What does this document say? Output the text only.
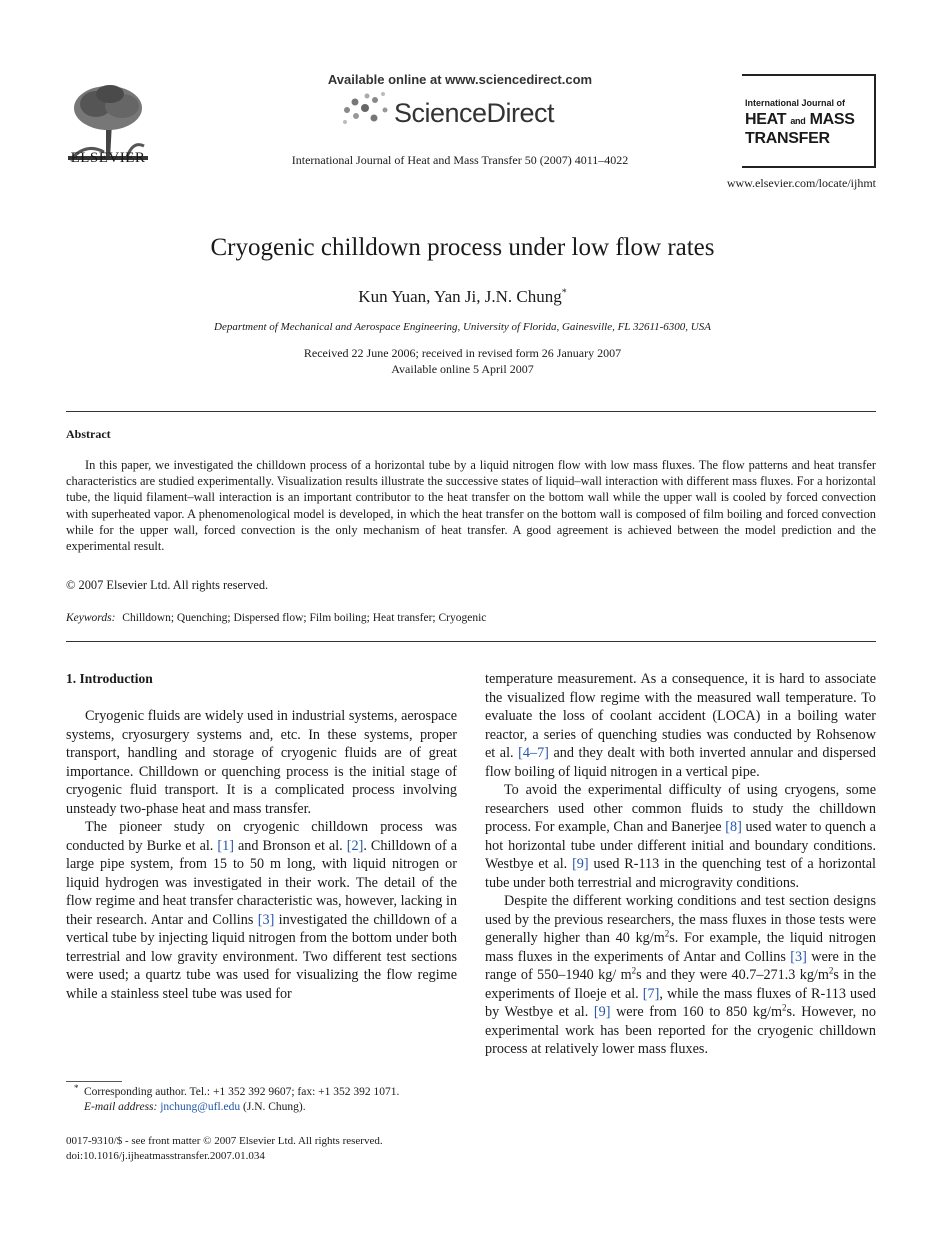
ELSEVIER
Available online at www.sciencedirect.com
ScienceDirect
International Journal of Heat and Mass Transfer 50 (2007) 4011–4022
International Journal of
HEAT and MASS
TRANSFER
www.elsevier.com/locate/ijhmt
Cryogenic chilldown process under low flow rates
Kun Yuan, Yan Ji, J.N. Chung*
Department of Mechanical and Aerospace Engineering, University of Florida, Gainesville, FL 32611-6300, USA
Received 22 June 2006; received in revised form 26 January 2007
Available online 5 April 2007
Abstract

In this paper, we investigated the chilldown process of a horizontal tube by a liquid nitrogen flow with low mass fluxes. The flow patterns and heat transfer characteristics are studied experimentally. Visualization results illustrate the successive states of liquid–wall interaction with different mass fluxes. For a horizontal tube, the liquid filament–wall interaction is an important contributor to the heat transfer on the bottom wall while the upper wall is cooled by forced convection with superheated vapor. A phenomenological model is developed, in which the heat transfer on the bottom wall is composed of film boiling and forced convection while for the upper wall, forced convection is the only mechanism of heat transfer. A good agreement is achieved between the model prediction and the experimental result.

© 2007 Elsevier Ltd. All rights reserved.
Keywords: Chilldown; Quenching; Dispersed flow; Film boiling; Heat transfer; Cryogenic
1. Introduction

Cryogenic fluids are widely used in industrial systems, aerospace systems, cryosurgery systems and, etc. In these systems, proper transport, handling and storage of cryogenic fluids are of great importance. Chilldown or quenching process is the initial stage of cryogenic fluid transport. It is a complicated process involving unsteady two-phase heat and mass transfer.

The pioneer study on cryogenic chilldown process was conducted by Burke et al. [1] and Bronson et al. [2]. Chilldown of a large pipe system, from 15 to 50 m long, with liquid nitrogen or liquid hydrogen was investigated in their work. The detail of the flow regime and heat transfer characteristic was, however, lacking in their research. Antar and Collins [3] investigated the chilldown of a vertical tube by injecting liquid nitrogen from the bottom under both terrestrial and low gravity environment. Two different test sections were used; a quartz tube was used for visualizing the flow regime while a stainless steel tube was used for

temperature measurement. As a consequence, it is hard to associate the visualized flow regime with the measured wall temperature. To evaluate the loss of coolant accident (LOCA) in a boiling water reactor, a series of quenching studies was conducted by Rohsenow et al. [4–7] and they dealt with both inverted annular and dispersed flow boiling of liquid nitrogen in a vertical pipe.

To avoid the experimental difficulty of using cryogens, some researchers used other common fluids to study the chilldown process. For example, Chan and Banerjee [8] used water to quench a hot horizontal tube under different initial and boundary conditions. Westbye et al. [9] used R-113 in the quenching test of a horizontal tube under both terrestrial and microgravity conditions.

Despite the different working conditions and test section designs used by the previous researchers, the mass fluxes in those tests were generally higher than 40 $kg/m^2s$. For example, the liquid nitrogen mass fluxes in the experiments of Antar and Collins [3] were in the range of 550–1940 kg/ $m^2s$ and they were 40.7–271.3 $kg/m^2s$ in the experiments of Iloeje et al. [7], while the mass fluxes of R-113 used by Westbye et al. [9] were from 160 to 850 $kg/m^2s$. However, no experimental work has been reported for the cryogenic chilldown process at relatively lower mass fluxes.

* Corresponding author. Tel.: +1 352 392 9607; fax: +1 352 392 1071.
E-mail address: jnchung@ufl.edu (J.N. Chung).
0017-9310/$ - see front matter © 2007 Elsevier Ltd. All rights reserved.
doi:10.1016/j.ijheatmasstransfer.2007.01.034
